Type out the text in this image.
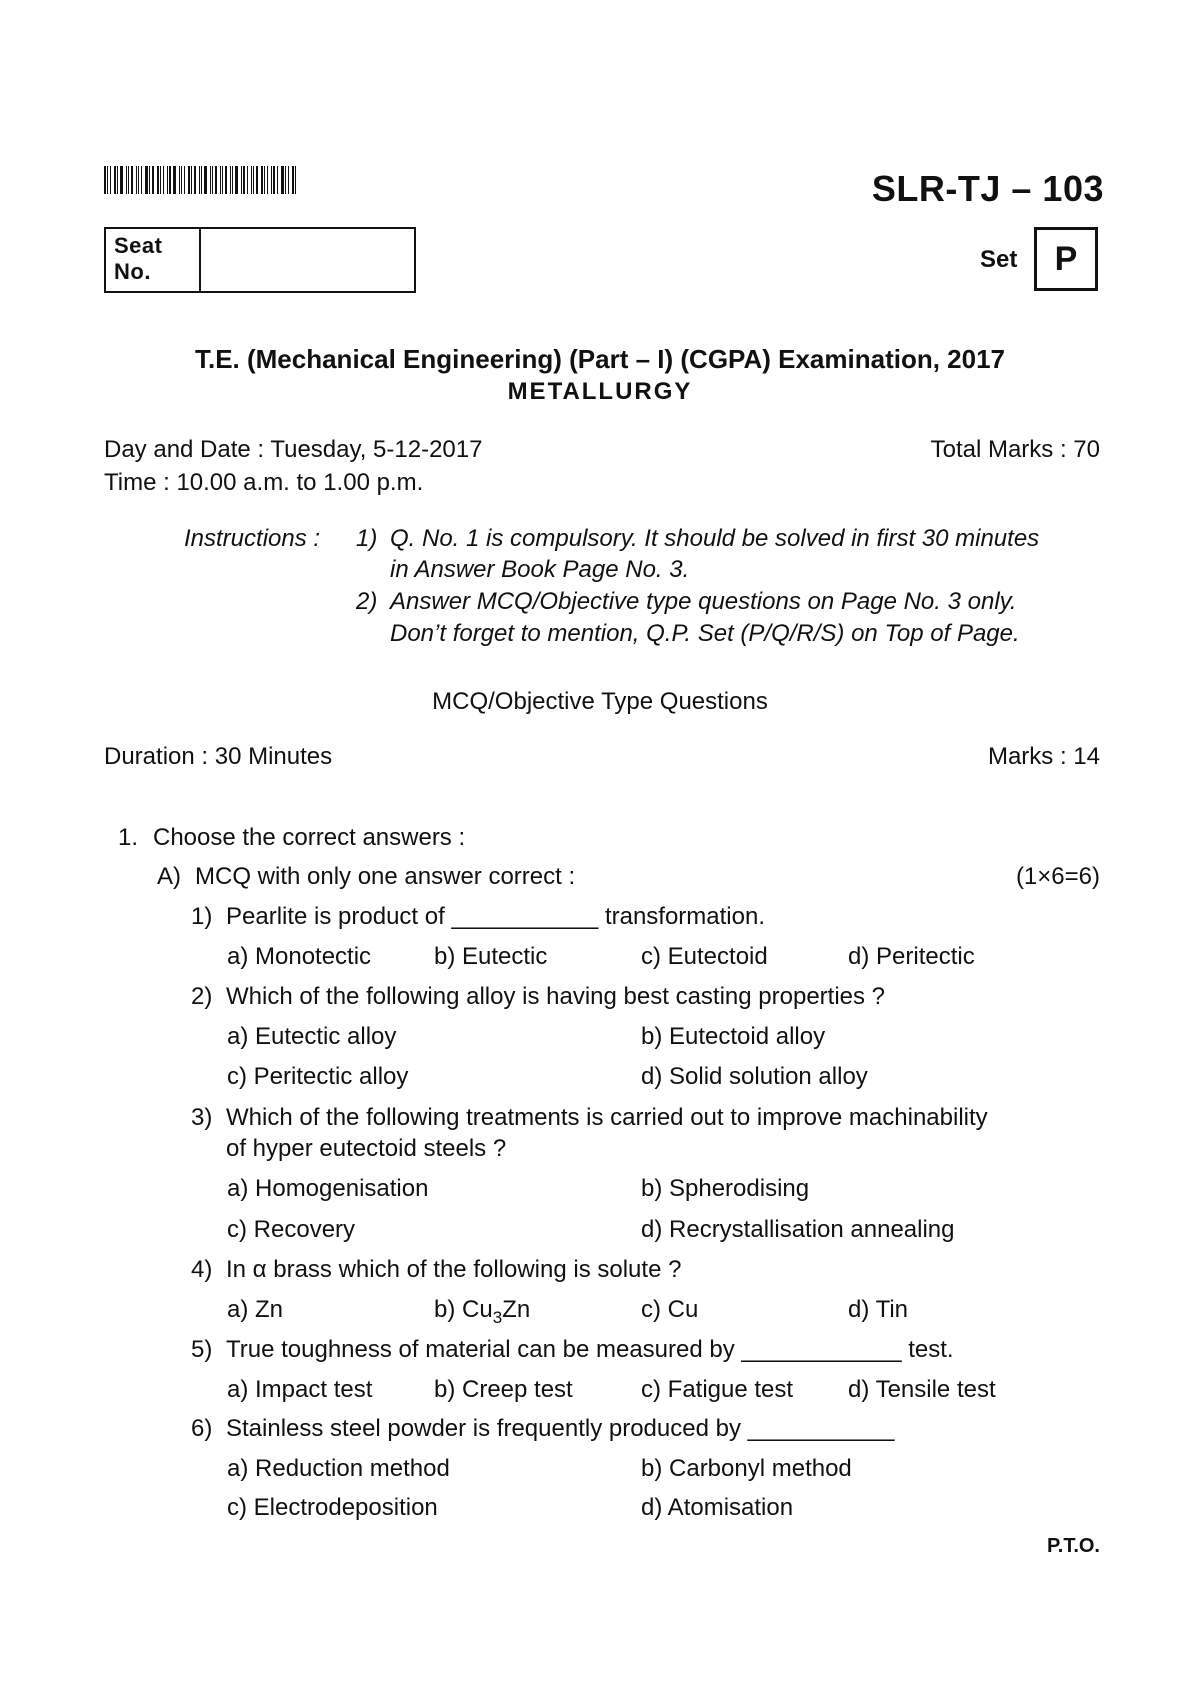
SLR-TJ – 103
Seat No.	Set	P
T.E. (Mechanical Engineering) (Part – I) (CGPA) Examination, 2017
METALLURGY
Day and Date : Tuesday, 5-12-2017	Total Marks : 70
Time : 10.00 a.m. to 1.00 p.m.
Instructions : 1) Q. No. 1 is compulsory. It should be solved in first 30 minutes
in Answer Book Page No. 3.
2) Answer MCQ/Objective type questions on Page No. 3 only.
Don’t forget to mention, Q.P. Set (P/Q/R/S) on Top of Page.
MCQ/Objective Type Questions
Duration : 30 Minutes	Marks : 14
1. Choose the correct answers :
A) MCQ with only one answer correct :	(1×6=6)
1) Pearlite is product of ___________ transformation.
a) Monotectic	b) Eutectic	c) Eutectoid	d) Peritectic
2) Which of the following alloy is having best casting properties ?
a) Eutectic alloy	b) Eutectoid alloy
c) Peritectic alloy	d) Solid solution alloy
3) Which of the following treatments is carried out to improve machinability
of hyper eutectoid steels ?
a) Homogenisation	b) Spherodising
c) Recovery	d) Recrystallisation annealing
4) In α brass which of the following is solute ?
a) Zn	b) $Cu_3Zn$	c) Cu	d) Tin
5) True toughness of material can be measured by ____________ test.
a) Impact test	b) Creep test	c) Fatigue test d) Tensile test
6) Stainless steel powder is frequently produced by ___________
a) Reduction method	b) Carbonyl method
c) Electrodeposition	d) Atomisation
P.T.O.
